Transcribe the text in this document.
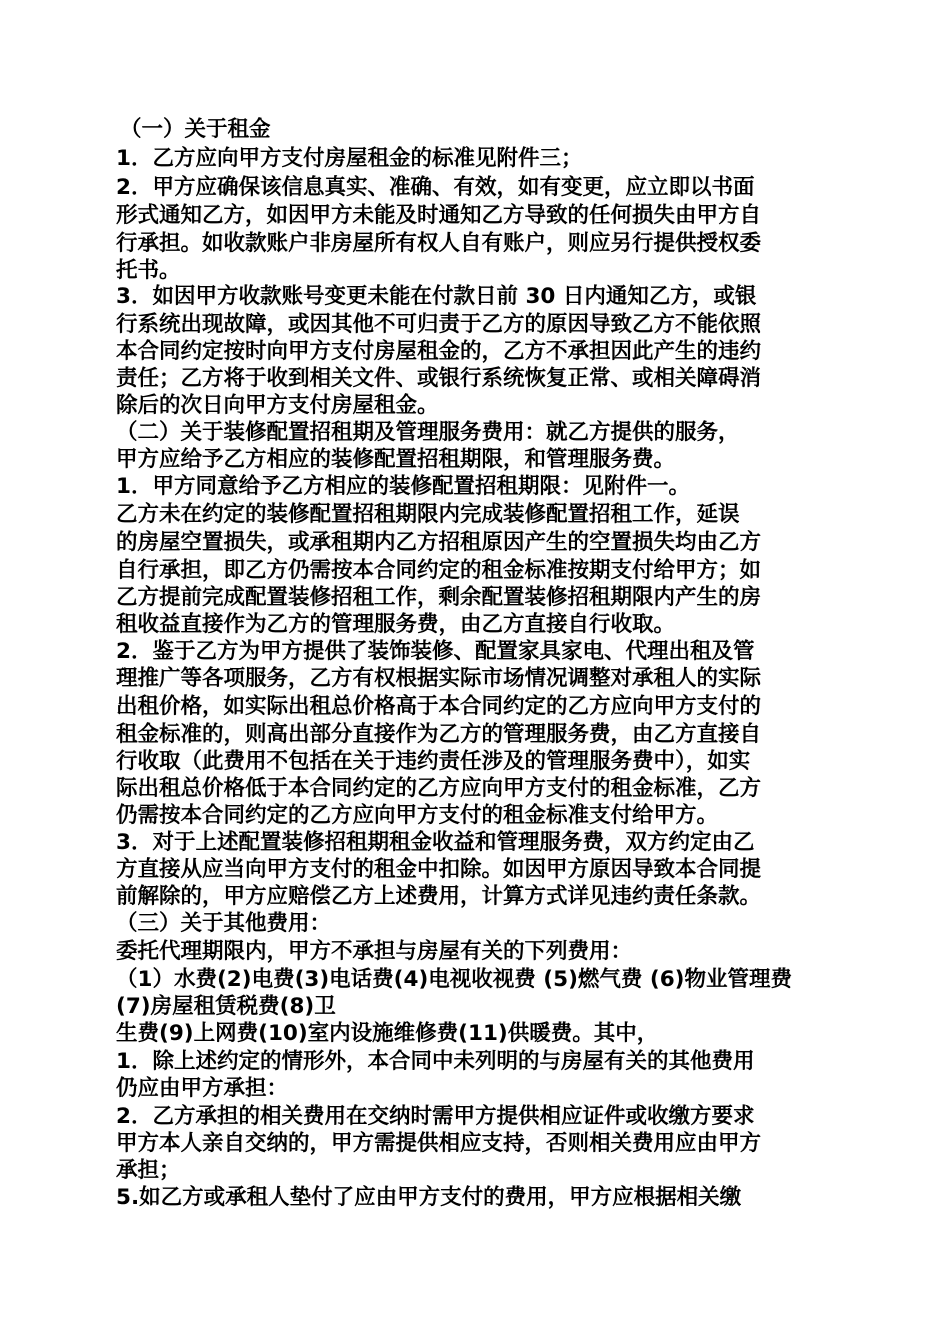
（一）关于租金
1．乙方应向甲方支付房屋租金的标准见附件三；
2．甲方应确保该信息真实、准确、有效，如有变更，应立即以书面
形式通知乙方，如因甲方未能及时通知乙方导致的任何损失由甲方自
行承担。如收款账户非房屋所有权人自有账户，则应另行提供授权委
托书。
3．如因甲方收款账号变更未能在付款日前 30 日内通知乙方，或银
行系统出现故障，或因其他不可归责于乙方的原因导致乙方不能依照
本合同约定按时向甲方支付房屋租金的，乙方不承担因此产生的违约
责任；乙方将于收到相关文件、或银行系统恢复正常、或相关障碍消
除后的次日向甲方支付房屋租金。
（二）关于装修配置招租期及管理服务费用：就乙方提供的服务，
甲方应给予乙方相应的装修配置招租期限，和管理服务费。
1．甲方同意给予乙方相应的装修配置招租期限：见附件一。
乙方未在约定的装修配置招租期限内完成装修配置招租工作，延误
的房屋空置损失，或承租期内乙方招租原因产生的空置损失均由乙方
自行承担，即乙方仍需按本合同约定的租金标准按期支付给甲方；如
乙方提前完成配置装修招租工作，剩余配置装修招租期限内产生的房
租收益直接作为乙方的管理服务费，由乙方直接自行收取。
2．鉴于乙方为甲方提供了装饰装修、配置家具家电、代理出租及管
理推广等各项服务，乙方有权根据实际市场情况调整对承租人的实际
出租价格，如实际出租总价格高于本合同约定的乙方应向甲方支付的
租金标准的，则高出部分直接作为乙方的管理服务费，由乙方直接自
行收取（此费用不包括在关于违约责任涉及的管理服务费中），如实
际出租总价格低于本合同约定的乙方应向甲方支付的租金标准，乙方
仍需按本合同约定的乙方应向甲方支付的租金标准支付给甲方。
3．对于上述配置装修招租期租金收益和管理服务费，双方约定由乙
方直接从应当向甲方支付的租金中扣除。如因甲方原因导致本合同提
前解除的，甲方应赔偿乙方上述费用，计算方式详见违约责任条款。
（三）关于其他费用：
委托代理期限内，甲方不承担与房屋有关的下列费用：
（1）水费(2)电费(3)电话费(4)电视收视费 (5)燃气费 (6)物业管理费
(7)房屋租赁税费(8)卫
生费(9)上网费(10)室内设施维修费(11)供暖费。其中，
1．除上述约定的情形外，本合同中未列明的与房屋有关的其他费用
仍应由甲方承担：
2．乙方承担的相关费用在交纳时需甲方提供相应证件或收缴方要求
甲方本人亲自交纳的，甲方需提供相应支持，否则相关费用应由甲方
承担；
5.如乙方或承租人垫付了应由甲方支付的费用，甲方应根据相关缴
